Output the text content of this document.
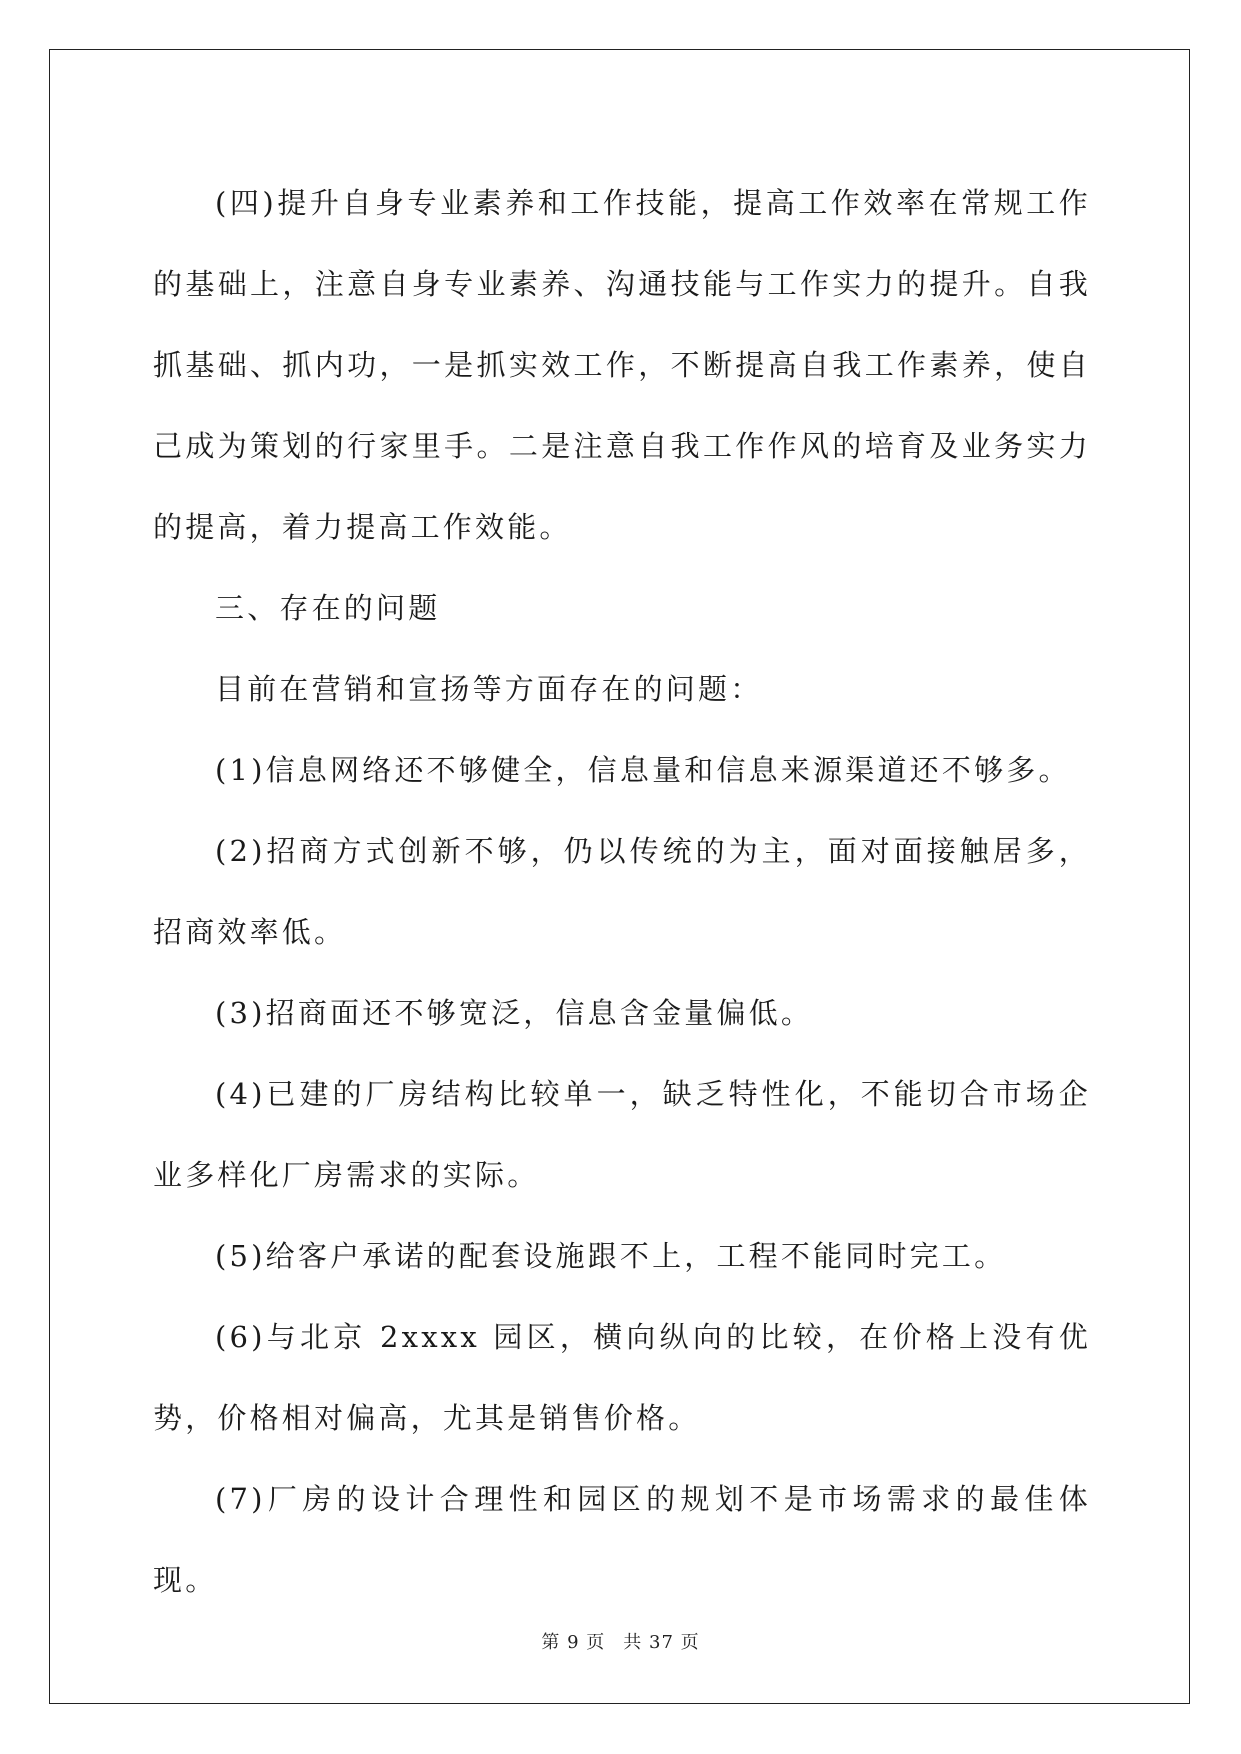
(四)提升自身专业素养和工作技能，提高工作效率在常规工作的基础上，注意自身专业素养、沟通技能与工作实力的提升。自我抓基础、抓内功，一是抓实效工作，不断提高自我工作素养，使自己成为策划的行家里手。二是注意自我工作作风的培育及业务实力的提高，着力提高工作效能。

三、存在的问题

目前在营销和宣扬等方面存在的问题：

(1)信息网络还不够健全，信息量和信息来源渠道还不够多。

(2)招商方式创新不够，仍以传统的为主，面对面接触居多，招商效率低。

(3)招商面还不够宽泛，信息含金量偏低。

(4)已建的厂房结构比较单一，缺乏特性化，不能切合市场企业多样化厂房需求的实际。

(5)给客户承诺的配套设施跟不上，工程不能同时完工。

(6)与北京 2xxxx 园区，横向纵向的比较，在价格上没有优势，价格相对偏高，尤其是销售价格。

(7)厂房的设计合理性和园区的规划不是市场需求的最佳体现。

第 9 页 共 37 页
